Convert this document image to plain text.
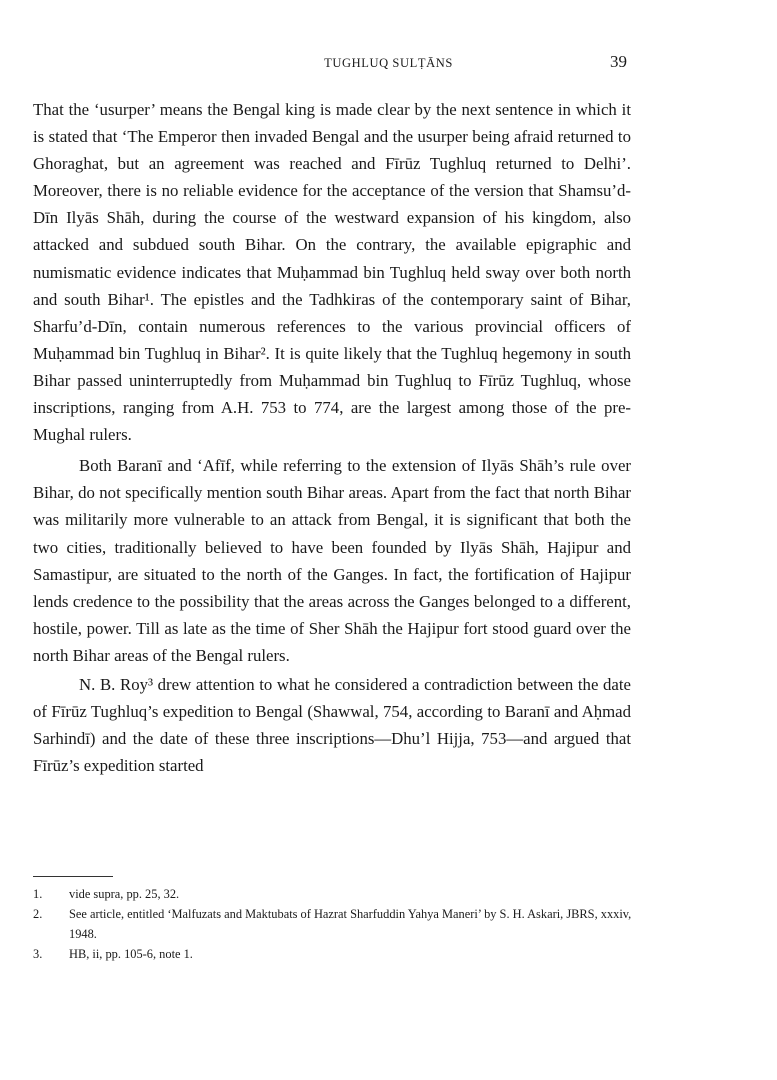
TUGHLUQ SULṬĀNS	39

That the ‘usurper’ means the Bengal king is made clear by the next sentence in which it is stated that ‘The Emperor then invaded Bengal and the usurper being afraid returned to Ghoraghat, but an agreement was reached and Fīrūz Tughluq returned to Delhi’. Moreover, there is no reliable evidence for the acceptance of the version that Shamsu’d-Dīn Ilyās Shāh, during the course of the westward expansion of his kingdom, also attacked and subdued south Bihar. On the contrary, the available epigraphic and numismatic evidence indicates that Muḥammad bin Tughluq held sway over both north and south Bihar¹. The epistles and the Tadhkiras of the contemporary saint of Bihar, Sharfu’d-Dīn, contain numerous references to the various provincial officers of Muḥammad bin Tughluq in Bihar². It is quite likely that the Tughluq hegemony in south Bihar passed uninterruptedly from Muḥammad bin Tughluq to Fīrūz Tughluq, whose inscriptions, ranging from A.H. 753 to 774, are the largest among those of the pre-Mughal rulers.

Both Baranī and ‘Afīf, while referring to the extension of Ilyās Shāh’s rule over Bihar, do not specifically mention south Bihar areas. Apart from the fact that north Bihar was militarily more vulnerable to an attack from Bengal, it is significant that both the two cities, traditionally believed to have been founded by Ilyās Shāh, Hajipur and Samastipur, are situated to the north of the Ganges. In fact, the fortification of Hajipur lends credence to the possibility that the areas across the Ganges belonged to a different, hostile, power. Till as late as the time of Sher Shāh the Hajipur fort stood guard over the north Bihar areas of the Bengal rulers.

N. B. Roy³ drew attention to what he considered a contradiction between the date of Fīrūz Tughluq’s expedition to Bengal (Shawwal, 754, according to Baranī and Aḥmad Sarhindī) and the date of these three inscriptions—Dhu’l Hijja, 753—and argued that Fīrūz’s expedition started

1.	vide supra, pp. 25, 32.
2.	See article, entitled ‘Malfuzats and Maktubats of Hazrat Sharfuddin Yahya Maneri’ by S. H. Askari, JBRS, xxxiv, 1948.
3.	HB, ii, pp. 105-6, note 1.
